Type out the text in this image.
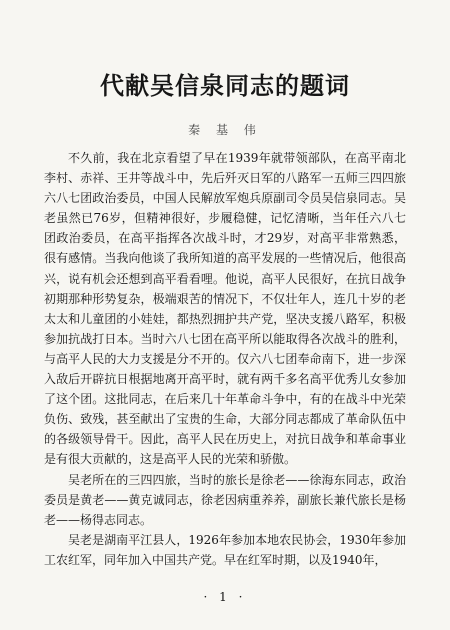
代献吴信泉同志的题词
秦 基 伟

不久前，我在北京看望了早在1939年就带领部队，在高平南北李村、赤祥、王井等战斗中，先后歼灭日军的八路军一五师三四四旅六八七团政治委员，中国人民解放军炮兵原副司令员吴信泉同志。吴老虽然已76岁，但精神很好，步履稳健，记忆清晰，当年任六八七团政治委员，在高平指挥各次战斗时，才29岁，对高平非常熟悉，很有感情。当我向他谈了我所知道的高平发展的一些情况后，他很高兴，说有机会还想到高平看看哩。他说，高平人民很好，在抗日战争初期那种形势复杂，极端艰苦的情况下，不仅壮年人，连几十岁的老太太和儿童团的小娃娃，都热烈拥护共产党，坚决支援八路军，积极参加抗战打日本。当时六八七团在高平所以能取得各次战斗的胜利，与高平人民的大力支援是分不开的。仅六八七团奉命南下，进一步深入敌后开辟抗日根据地离开高平时，就有两千多名高平优秀儿女参加了这个团。这批同志，在后来几十年革命斗争中，有的在战斗中光荣负伤、致残，甚至献出了宝贵的生命，大部分同志都成了革命队伍中的各级领导骨干。因此，高平人民在历史上，对抗日战争和革命事业是有很大贡献的，这是高平人民的光荣和骄傲。

吴老所在的三四四旅，当时的旅长是徐老——徐海东同志，政治委员是黄老——黄克诚同志，徐老因病重养养，副旅长兼代旅长是杨老——杨得志同志。

吴老是湖南平江县人，1926年参加本地农民协会，1930年参加工农红军，同年加入中国共产党。早在红军时期，以及1940年，

· 1 ·
